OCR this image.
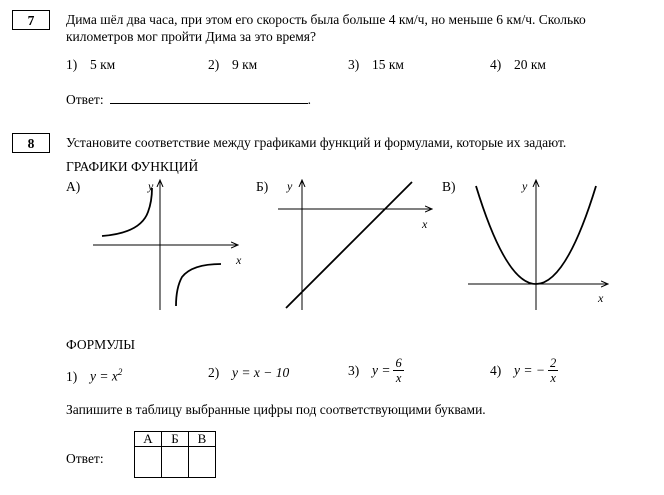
7	Дима шёл два часа, при этом его скорость была больше 4 км/ч, но меньше 6 км/ч. Сколько
километров мог пройти Дима за это время?
1) 5 км	2) 9 км	3) 15 км	4) 20 км
Ответ:	.
8	Установите соответствие между графиками функций и формулами, которые их задают.
ГРАФИКИ ФУНКЦИЙ
А)
x
y	Б)
x
y	В)
x
y
ФОРМУЛЫ
1) $y = x^2$	2) y = x − 10	3) $y = \frac{6}{x}$	4) y = − $\frac{2}{x}$
Запишите в таблицу выбранные цифры под соответствующими буквами.
Ответ:
А	Б	В
